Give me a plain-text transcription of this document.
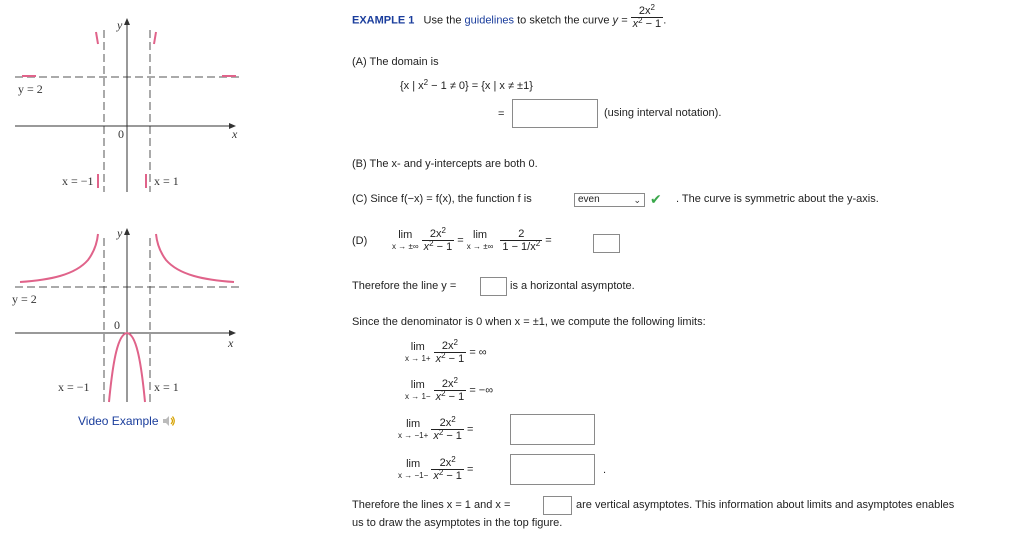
y
x
0
y = 2
x = −1	x = 1
y
x
0
y = 2
x = −1	x = 1
Video Example
EXAMPLE 1 Use the guidelines to sketch the curve $y = \frac{2x^2}{x^2 - 1}$ .
(A) The domain is
{x | $x^2 - 1 \ne 0\} = \{x$ | x ≠ ±1}
=	(using interval notation).
(B) The x- and y-intercepts are both 0.
(C) Since f(−x) = f(x), the function f is	even	⌄ ✔ . The curve is symmetric about the y-axis.
(D)
lim
x → ±∞
$\frac{2x^2}{x^2 - 1} = \lim$
x → ±∞
$\frac{2}{1 - 1/x^2}$ =
Therefore the line y =	is a horizontal asymptote.
Since the denominator is 0 when x = ±1, we compute the following limits:
lim
x → 1+
$\frac{2x^2}{x^2 - 1}$ = ∞
lim
x → 1−
$\frac{2x^2}{x^2 - 1}$ = −∞
lim
x → −1+
$\frac{2x^2}{x^2 - 1}$ =
lim
x → −1−
$\frac{2x^2}{x^2 - 1}$ =	.
Therefore the lines x = 1 and x =	are vertical asymptotes. This information about limits and asymptotes enables
us to draw the asymptotes in the top figure.
